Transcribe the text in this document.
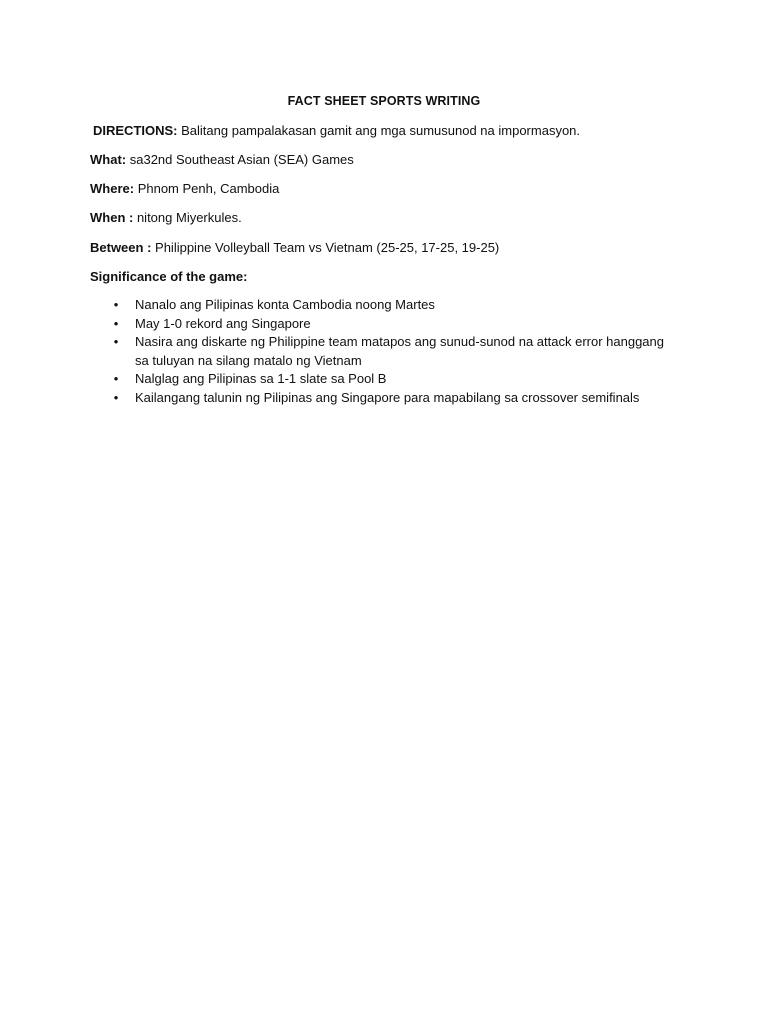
FACT SHEET SPORTS WRITING
DIRECTIONS: Balitang pampalakasan gamit ang mga sumusunod na impormasyon.
What: sa32nd Southeast Asian (SEA) Games
Where: Phnom Penh, Cambodia
When : nitong Miyerkules.
Between : Philippine Volleyball Team vs Vietnam (25-25, 17-25, 19-25)
Significance of the game:
• Nanalo ang Pilipinas konta Cambodia noong Martes
• May 1-0 rekord ang Singapore
• Nasira ang diskarte ng Philippine team matapos ang sunud-sunod na attack error hanggang sa tuluyan na silang matalo ng Vietnam
• Nalglag ang Pilipinas sa 1-1 slate sa Pool B
• Kailangang talunin ng Pilipinas ang Singapore para mapabilang sa crossover semifinals
